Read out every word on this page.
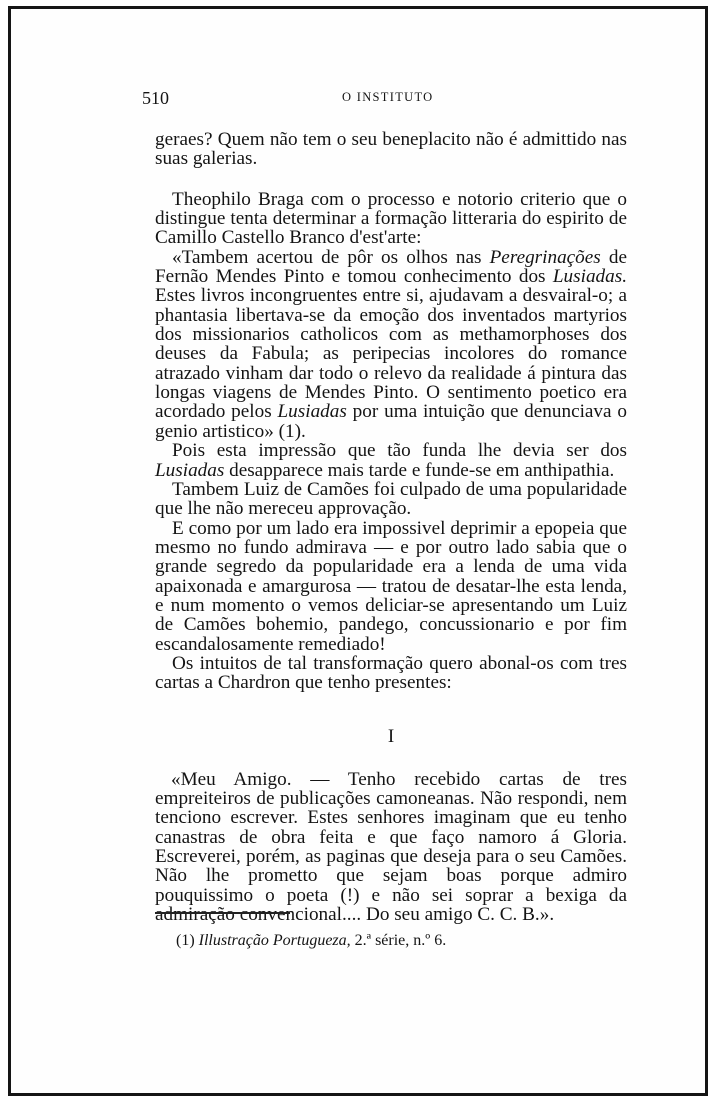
510	O INSTITUTO

geraes? Quem não tem o seu beneplacito não é admittido nas suas galerias.

Theophilo Braga com o processo e notorio criterio que o distingue tenta determinar a formação litteraria do espirito de Camillo Castello Branco d'est'arte:

«Tambem acertou de pôr os olhos nas Peregrinações de Fernão Mendes Pinto e tomou conhecimento dos Lusiadas. Estes livros incongruentes entre si, ajudavam a desvairal-o; a phantasia libertava-se da emoção dos inventados martyrios dos missionarios catholicos com as methamorphoses dos deuses da Fabula; as peripecias incolores do romance atrazado vinham dar todo o relevo da realidade á pintura das longas viagens de Mendes Pinto. O sentimento poetico era acordado pelos Lusiadas por uma intuição que denunciava o genio artistico» (1).

Pois esta impressão que tão funda lhe devia ser dos Lusiadas desapparece mais tarde e funde-se em anthipathia.

Tambem Luiz de Camões foi culpado de uma popularidade que lhe não mereceu approvação.

E como por um lado era impossivel deprimir a epopeia que mesmo no fundo admirava — e por outro lado sabia que o grande segredo da popularidade era a lenda de uma vida apaixonada e amargurosa — tratou de desatar-lhe esta lenda, e num momento o vemos deliciar-se apresentando um Luiz de Camões bohemio, pandego, concussionario e por fim escandalosamente remediado!

Os intuitos de tal transformação quero abonal-os com tres cartas a Chardron que tenho presentes:

I

«Meu Amigo. — Tenho recebido cartas de tres empreiteiros de publicações camoneanas. Não respondi, nem tenciono escrever. Estes senhores imaginam que eu tenho canastras de obra feita e que faço namoro á Gloria. Escreverei, porém, as paginas que deseja para o seu Camões. Não lhe prometto que sejam boas porque admiro pouquissimo o poeta (!) e não sei soprar a bexiga da admiração convencional.... Do seu amigo C. C. B.».

(1) Illustração Portugueza, 2.ª série, n.º 6.
